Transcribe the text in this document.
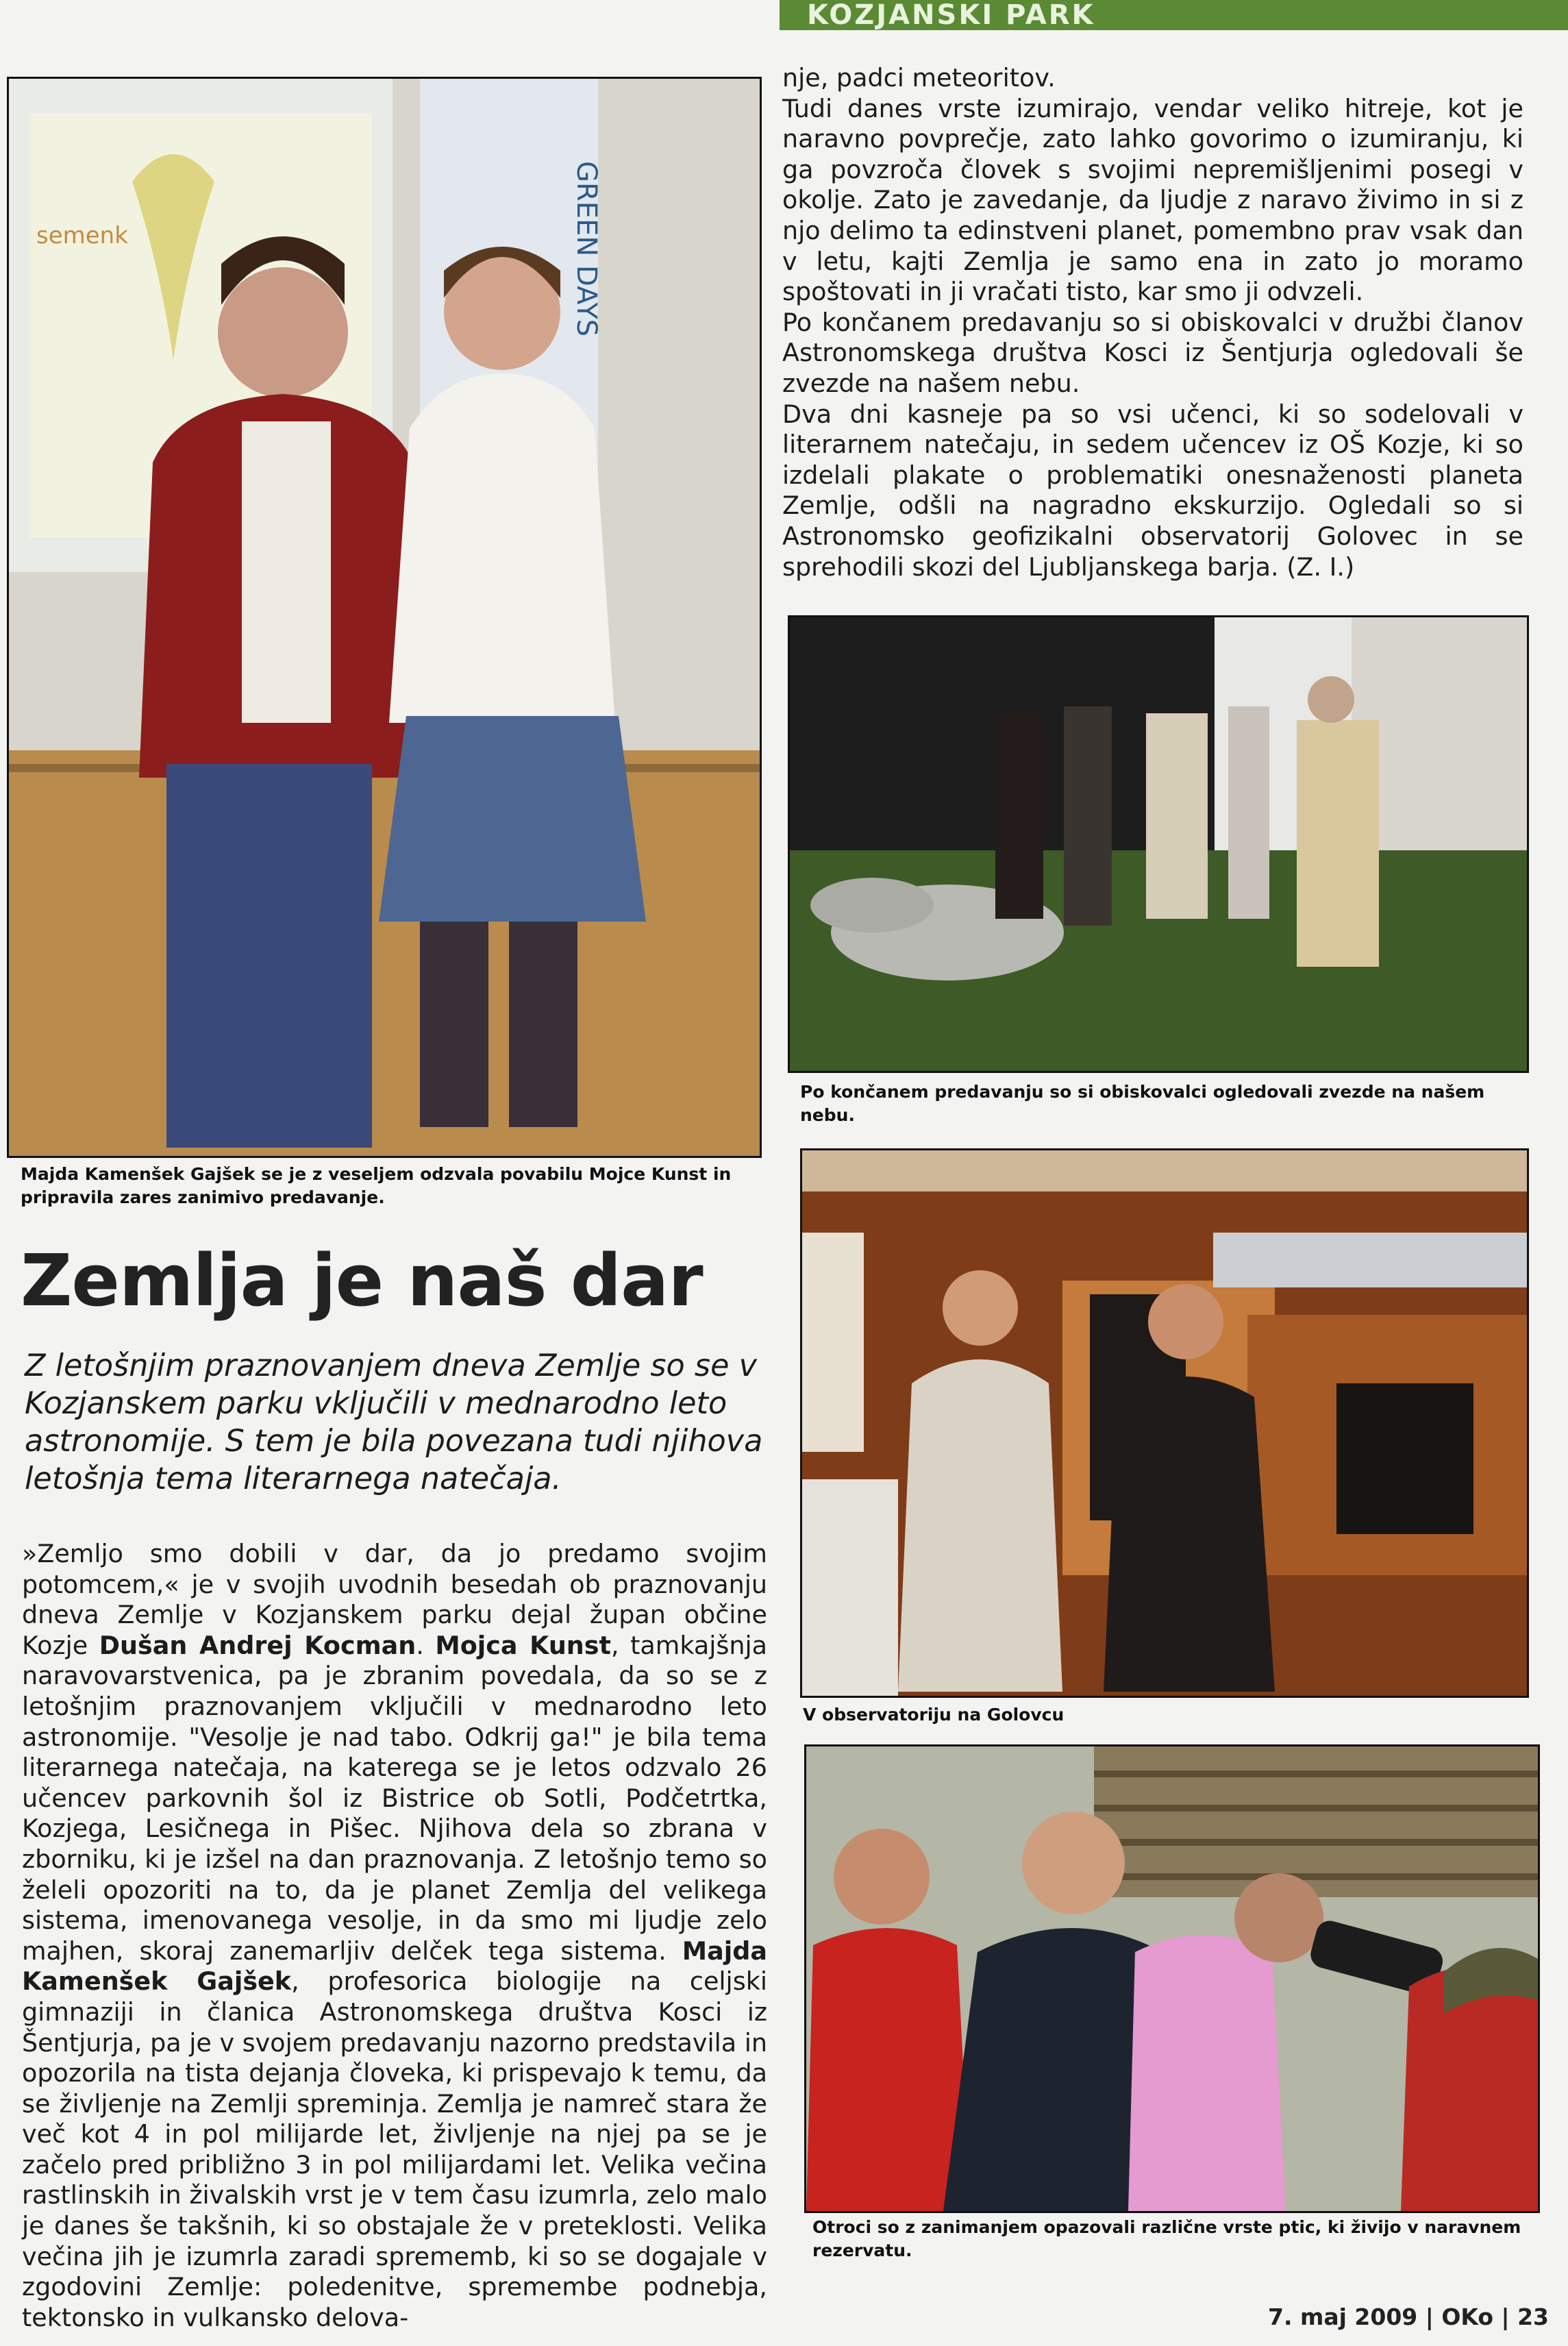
KOZJANSKI PARK
semenk	GREEN DAYS
Majda Kamenšek Gajšek se je z veseljem odzvala povabilu Mojce Kunst in pripravila zares zanimivo predavanje.
Po končanem predavanju so si obiskovalci ogledovali zvezde na našem nebu.
V observatoriju na Golovcu
Otroci so z zanimanjem opazovali različne vrste ptic, ki živijo v naravnem rezervatu.

nje, padci meteoritov.

Tudi danes vrste izumirajo, vendar veliko hitreje, kot je naravno povprečje, zato lahko govorimo o izumiranju, ki ga povzroča človek s svojimi nepremišljenimi posegi v okolje. Zato je zavedanje, da ljudje z naravo živimo in si z njo delimo ta edinstveni planet, pomembno prav vsak dan v letu, kajti Zemlja je samo ena in zato jo moramo spoštovati in ji vračati tisto, kar smo ji odvzeli.

Po končanem predavanju so si obiskovalci v družbi članov Astronomskega društva Kosci iz Šentjurja ogledovali še zvezde na našem nebu.

Dva dni kasneje pa so vsi učenci, ki so sodelovali v literarnem natečaju, in sedem učencev iz OŠ Kozje, ki so izdelali plakate o problematiki onesnaženosti planeta Zemlje, odšli na nagradno ekskurzijo. Ogledali so si Astronomsko geofizikalni observatorij Golovec in se sprehodili skozi del Ljubljanskega barja. (Z. I.)

Zemlja je naš dar
Z letošnjim praznovanjem dneva Zemlje so se v Kozjanskem parku vključili v mednarodno leto astronomije. S tem je bila povezana tudi njihova letošnja tema literarnega natečaja.

»Zemljo smo dobili v dar, da jo predamo svojim potomcem,« je v svojih uvodnih besedah ob praznovanju dneva Zemlje v Kozjanskem parku dejal župan občine Kozje Dušan Andrej Kocman. Mojca Kunst, tamkajšnja naravovarstvenica, pa je zbranim povedala, da so se z letošnjim praznovanjem vključili v mednarodno leto astronomije. "Vesolje je nad tabo. Odkrij ga!" je bila tema literarnega natečaja, na katerega se je letos odzvalo 26 učencev parkovnih šol iz Bistrice ob Sotli, Podčetrtka, Kozjega, Lesičnega in Pišec. Njihova dela so zbrana v zborniku, ki je izšel na dan praznovanja. Z letošnjo temo so želeli opozoriti na to, da je planet Zemlja del velikega sistema, imenovanega vesolje, in da smo mi ljudje zelo majhen, skoraj zanemarljiv delček tega sistema. Majda Kamenšek Gajšek, profesorica biologije na celjski gimnaziji in članica Astronomskega društva Kosci iz Šentjurja, pa je v svojem predavanju nazorno predstavila in opozorila na tista dejanja človeka, ki prispevajo k temu, da se življenje na Zemlji spreminja. Zemlja je namreč stara že več kot 4 in pol milijarde let, življenje na njej pa se je začelo pred približno 3 in pol milijardami let. Velika večina rastlinskih in živalskih vrst je v tem času izumrla, zelo malo je danes še takšnih, ki so obstajale že v preteklosti. Velika večina jih je izumrla zaradi sprememb, ki so se dogajale v zgodovini Zemlje: poledenitve, spremembe podnebja, tektonsko in vulkansko delova-	7. maj 2009 | OKo | 23
